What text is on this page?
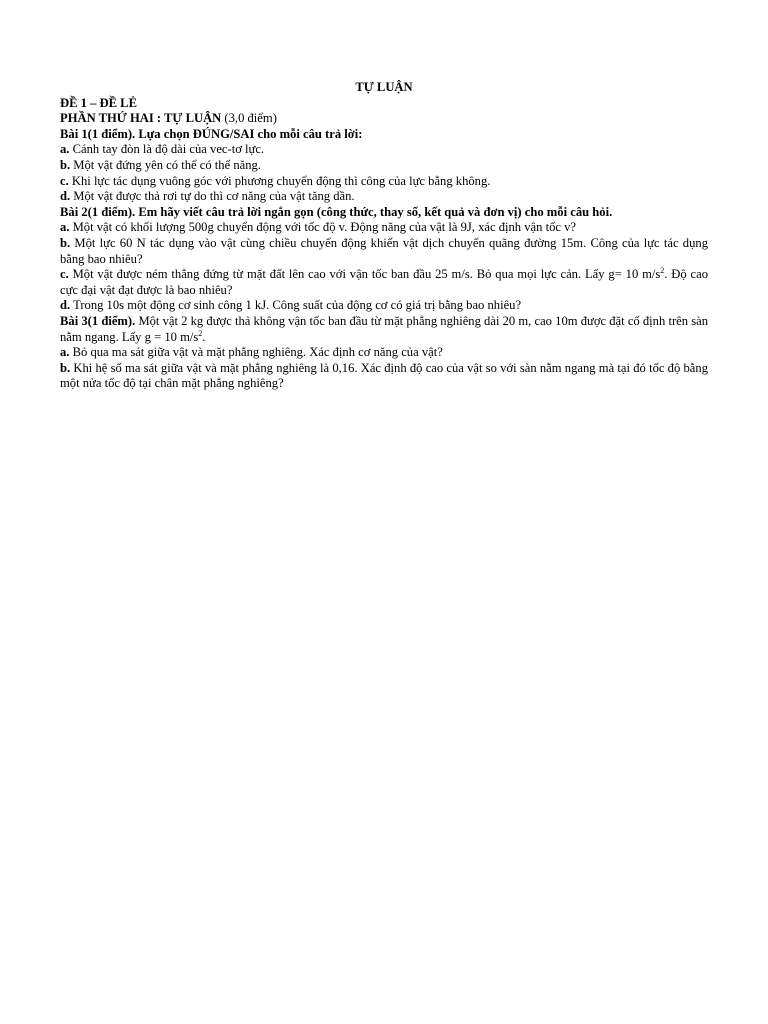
TỰ LUẬN

ĐỀ 1 – ĐỀ LẺ

PHẦN THỨ HAI : TỰ LUẬN (3,0 điểm)

Bài 1(1 điểm). Lựa chọn ĐÚNG/SAI cho mỗi câu trả lời:

a. Cánh tay đòn là độ dài của vec-tơ lực.

b. Một vật đứng yên có thể có thế năng.

c. Khi lực tác dụng vuông góc với phương chuyển động thì công của lực bằng không.

d. Một vật được thả rơi tự do thì cơ năng của vật tăng dần.

Bài 2(1 điểm). Em hãy viết câu trả lời ngắn gọn (công thức, thay số, kết quả và đơn vị) cho mỗi câu hỏi.

a. Một vật có khối lượng 500g chuyển động với tốc độ v. Động năng của vật là 9J, xác định vận tốc v?

b. Một lực 60 N tác dụng vào vật cùng chiều chuyển động khiến vật dịch chuyển quãng đường 15m. Công của lực tác dụng bằng bao nhiêu?

c. Một vật được ném thẳng đứng từ mặt đất lên cao với vận tốc ban đầu 25 m/s. Bỏ qua mọi lực cản. Lấy g= 10 $m/s^2$. Độ cao cực đại vật đạt được là bao nhiêu?

d. Trong 10s một động cơ sinh công 1 kJ. Công suất của động cơ có giá trị bằng bao nhiêu?

Bài 3(1 điểm). Một vật 2 kg được thả không vận tốc ban đầu từ mặt phẳng nghiêng dài 20 m, cao 10m được đặt cố định trên sàn nằm ngang. Lấy g = 10 $m/s^2$.

a. Bỏ qua ma sát giữa vật và mặt phẳng nghiêng. Xác định cơ năng của vật?

b. Khi hệ số ma sát giữa vật và mặt phẳng nghiêng là 0,16. Xác định độ cao của vật so với sàn nằm ngang mà tại đó tốc độ bằng một nửa tốc độ tại chân mặt phẳng nghiêng?
